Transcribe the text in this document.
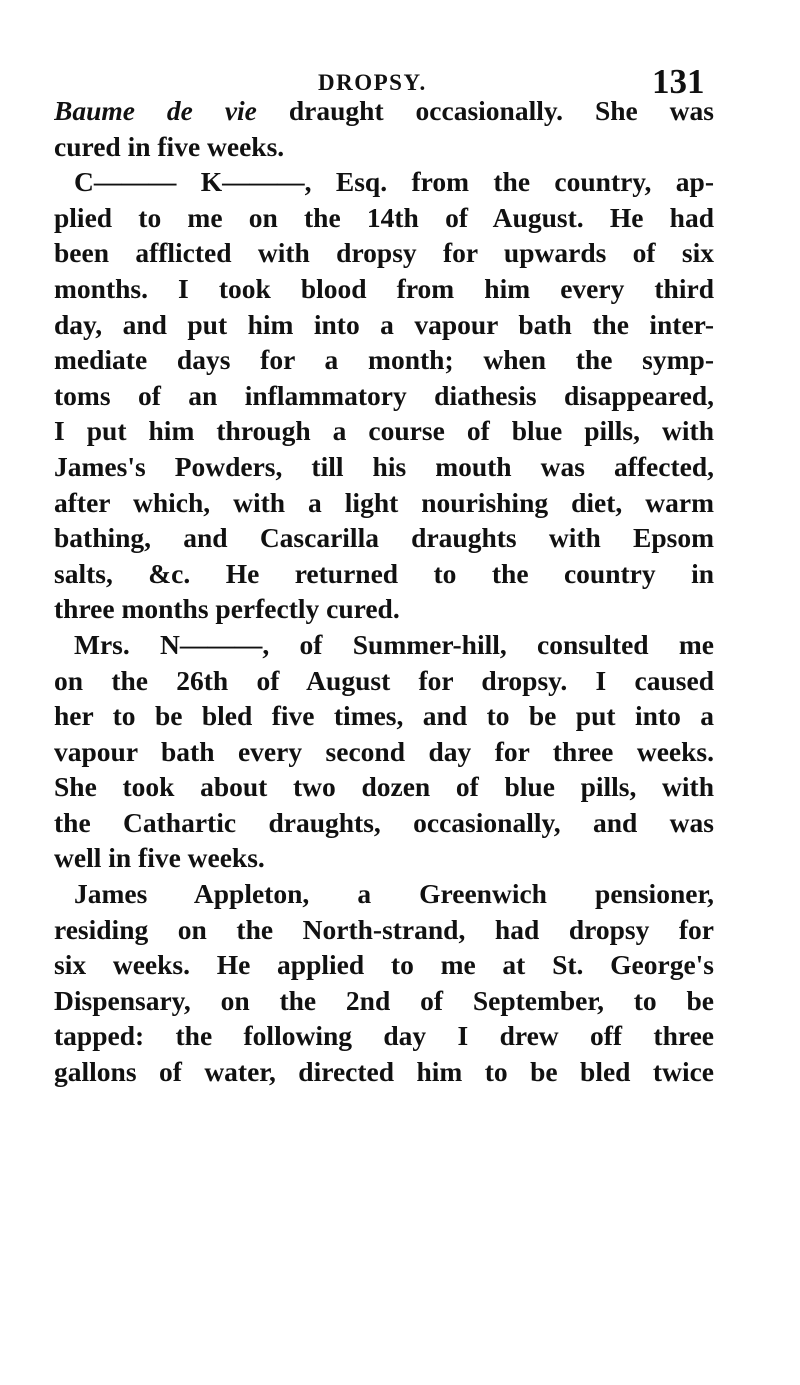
DROPSY.	131
Baume de vie draught occasionally. She was
cured in five weeks.
C——— K———, Esq. from the country, ap-
plied to me on the 14th of August. He had
been afflicted with dropsy for upwards of six
months. I took blood from him every third
day, and put him into a vapour bath the inter-
mediate days for a month; when the symp-
toms of an inflammatory diathesis disappeared,
I put him through a course of blue pills, with
James's Powders, till his mouth was affected,
after which, with a light nourishing diet, warm
bathing, and Cascarilla draughts with Epsom
salts, &c. He returned to the country in
three months perfectly cured.
Mrs. N———, of Summer-hill, consulted me
on the 26th of August for dropsy. I caused
her to be bled five times, and to be put into a
vapour bath every second day for three weeks.
She took about two dozen of blue pills, with
the Cathartic draughts, occasionally, and was
well in five weeks.
James Appleton, a Greenwich pensioner,
residing on the North-strand, had dropsy for
six weeks. He applied to me at St. George's
Dispensary, on the 2nd of September, to be
tapped: the following day I drew off three
gallons of water, directed him to be bled twice
